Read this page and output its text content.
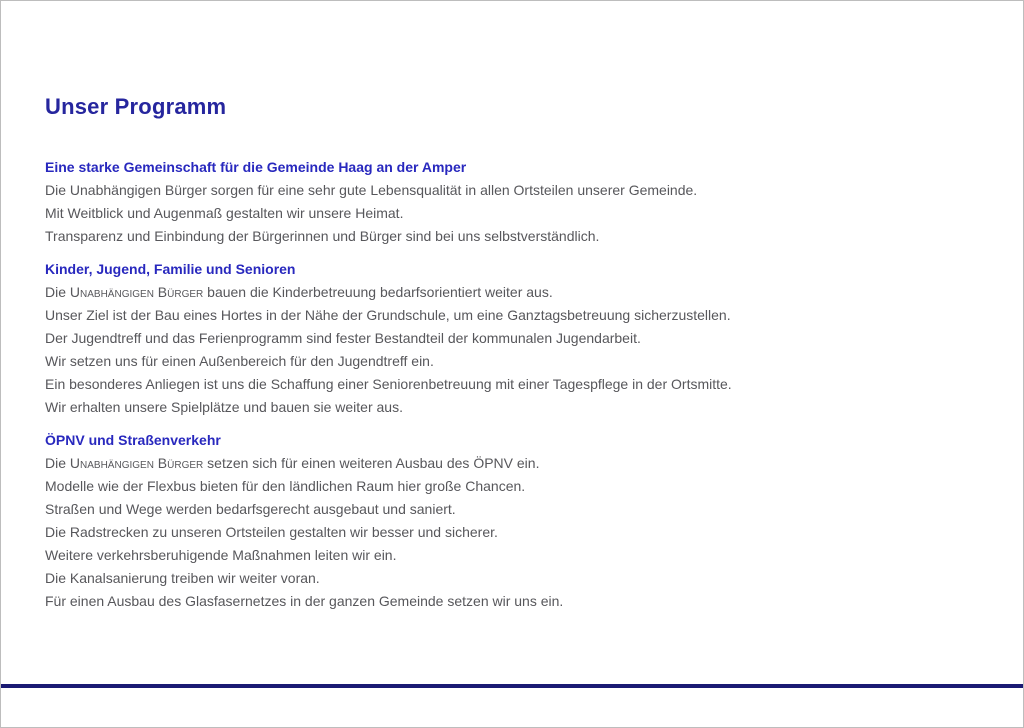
Unser Programm
Eine starke Gemeinschaft für die Gemeinde Haag an der Amper

Die Unabhängigen Bürger sorgen für eine sehr gute Lebensqualität in allen Ortsteilen unserer Gemeinde.

Mit Weitblick und Augenmaß gestalten wir unsere Heimat.

Transparenz und Einbindung der Bürgerinnen und Bürger sind bei uns selbstverständlich.

Kinder, Jugend, Familie und Senioren

Die Unabhängigen Bürger bauen die Kinderbetreuung bedarfsorientiert weiter aus.

Unser Ziel ist der Bau eines Hortes in der Nähe der Grundschule, um eine Ganztagsbetreuung sicherzustellen.

Der Jugendtreff und das Ferienprogramm sind fester Bestandteil der kommunalen Jugendarbeit.

Wir setzen uns für einen Außenbereich für den Jugendtreff ein.

Ein besonderes Anliegen ist uns die Schaffung einer Seniorenbetreuung mit einer Tagespflege in der Ortsmitte.

Wir erhalten unsere Spielplätze und bauen sie weiter aus.

ÖPNV und Straßenverkehr

Die Unabhängigen Bürger setzen sich für einen weiteren Ausbau des ÖPNV ein.

Modelle wie der Flexbus bieten für den ländlichen Raum hier große Chancen.

Straßen und Wege werden bedarfsgerecht ausgebaut und saniert.

Die Radstrecken zu unseren Ortsteilen gestalten wir besser und sicherer.

Weitere verkehrsberuhigende Maßnahmen leiten wir ein.

Die Kanalsanierung treiben wir weiter voran.

Für einen Ausbau des Glasfasernetzes in der ganzen Gemeinde setzen wir uns ein.
